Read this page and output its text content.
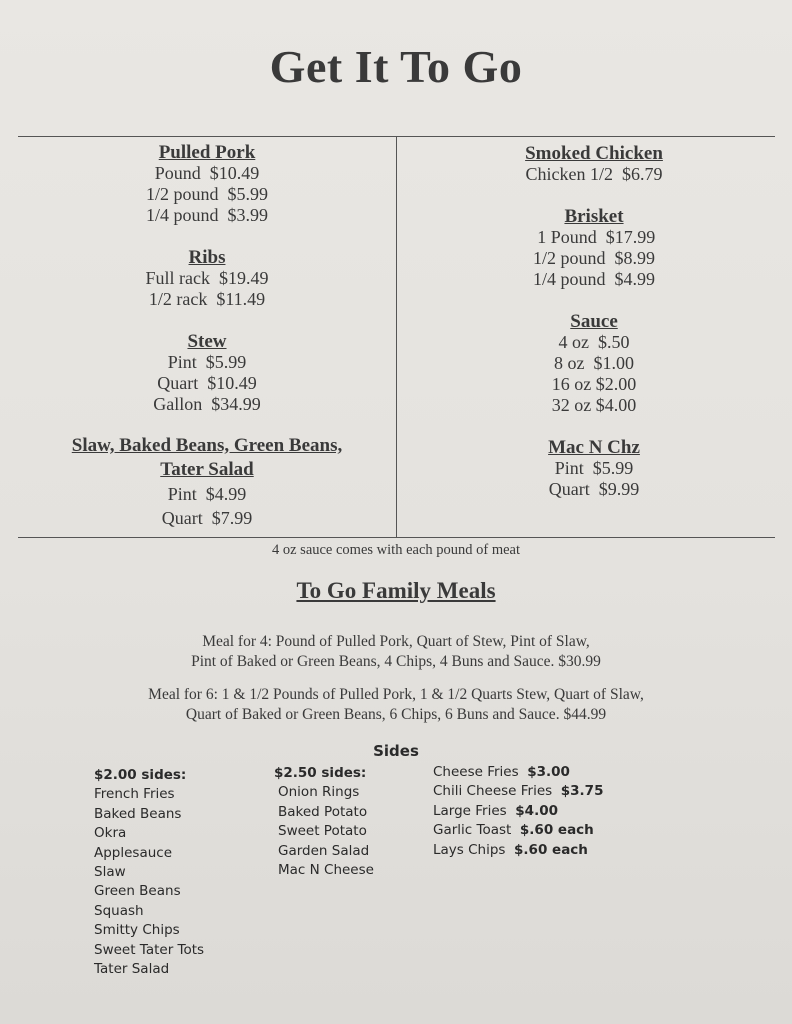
Get It To Go
Pulled Pork
Pound  $10.49
1/2 pound  $5.99
1/4 pound  $3.99
Ribs
Full rack  $19.49
1/2 rack  $11.49
Stew
Pint  $5.99
Quart  $10.49
Gallon  $34.99
Slaw, Baked Beans, Green Beans,
Tater Salad
Pint  $4.99
Quart  $7.99
Smoked Chicken
Chicken 1/2  $6.79
Brisket
1 Pound  $17.99
1/2 pound  $8.99
1/4 pound  $4.99
Sauce
4 oz  $.50
8 oz  $1.00
16 oz $2.00
32 oz $4.00
Mac N Chz
Pint  $5.99
Quart  $9.99
4 oz sauce comes with each pound of meat
To Go Family Meals
Meal for 4: Pound of Pulled Pork, Quart of Stew, Pint of Slaw,
Pint of Baked or Green Beans, 4 Chips, 4 Buns and Sauce. $30.99
Meal for 6: 1 & 1/2 Pounds of Pulled Pork, 1 & 1/2 Quarts Stew, Quart of Slaw,
Quart of Baked or Green Beans, 6 Chips, 6 Buns and Sauce. $44.99
Sides
$2.00 sides:
French Fries
Baked Beans
Okra
Applesauce
Slaw
Green Beans
Squash
Smitty Chips
Sweet Tater Tots
Tater Salad
$2.50 sides:
Onion Rings
Baked Potato
Sweet Potato
Garden Salad
Mac N Cheese
Cheese Fries  $3.00
Chili Cheese Fries  $3.75
Large Fries  $4.00
Garlic Toast  $.60 each
Lays Chips  $.60 each
